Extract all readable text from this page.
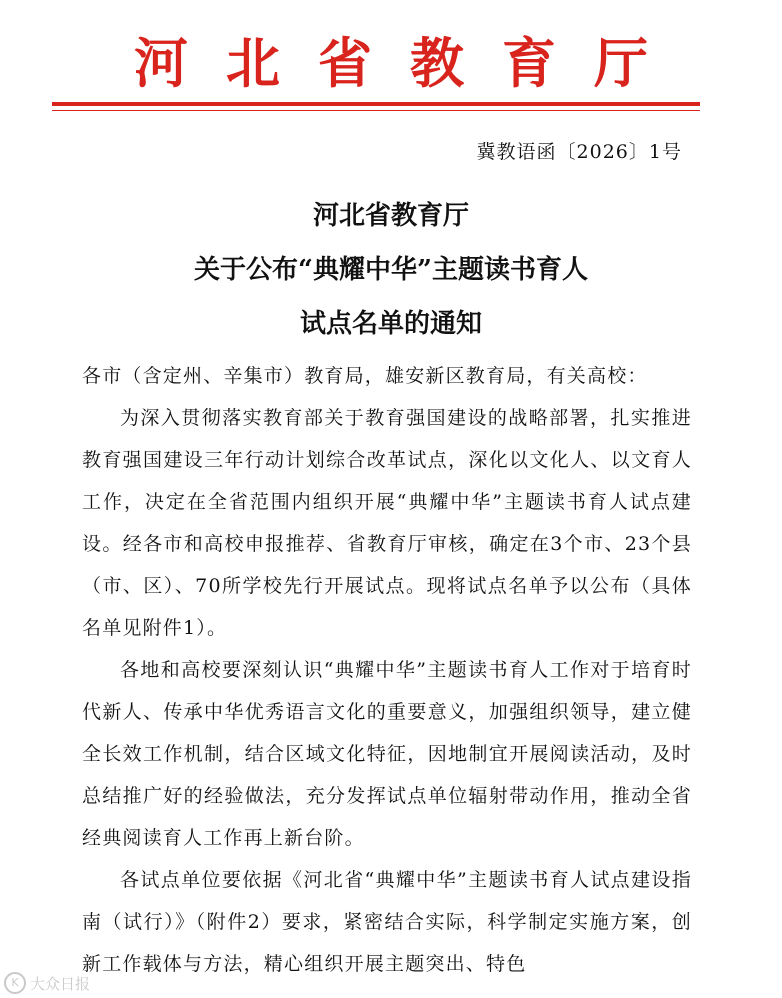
河北省教育厅
冀教语函〔2026〕1号
河北省教育厅
关于公布“典耀中华”主题读书育人
试点名单的通知

各市（含定州、辛集市）教育局，雄安新区教育局，有关高校：

为深入贯彻落实教育部关于教育强国建设的战略部署，扎实推进教育强国建设三年行动计划综合改革试点，深化以文化人、以文育人工作，决定在全省范围内组织开展“典耀中华”主题读书育人试点建设。经各市和高校申报推荐、省教育厅审核，确定在3个市、23个县（市、区）、70所学校先行开展试点。现将试点名单予以公布（具体名单见附件1）。

各地和高校要深刻认识“典耀中华”主题读书育人工作对于培育时代新人、传承中华优秀语言文化的重要意义，加强组织领导，建立健全长效工作机制，结合区域文化特征，因地制宜开展阅读活动，及时总结推广好的经验做法，充分发挥试点单位辐射带动作用，推动全省经典阅读育人工作再上新台阶。

各试点单位要依据《河北省“典耀中华”主题读书育人试点建设指南（试行）》（附件2）要求，紧密结合实际，科学制定实施方案，创新工作载体与方法，精心组织开展主题突出、特色

K 大众日报
